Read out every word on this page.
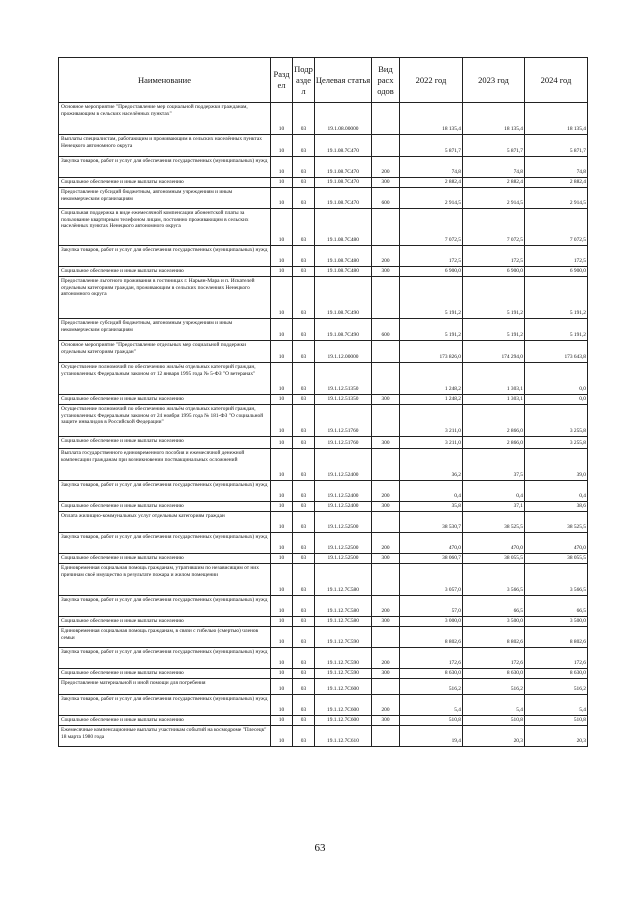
Наименование	Разд ел	Подр азде л	Целевая статья	Вид расх одов	2022 год	2023 год	2024 год

Основное мероприятие "Предоставление мер социальной поддержки гражданам, проживающим в сельских населённых пунктах"	10	03	19.1.08.00000		18 135,4	18 135,4	18 135,4

Выплаты специалистам, работающим и проживающим в сельских населённых пунктах Ненецкого автономного округа	10	03	19.1.08.7С470		5 871,7	5 871,7	5 871,7

Закупка товаров, работ и услуг для обеспечения государственных (муниципальных) нужд	10	03	19.1.08.7С470	200	74,8	74,8	74,8

Социальное обеспечение и иные выплаты населению	10	03	19.1.08.7С470	300	2 882,4	2 882,4	2 882,4

Предоставление субсидий бюджетным, автономным учреждениям и иным некоммерческим организациям	10	03	19.1.08.7С470	600	2 914,5	2 914,5	2 914,5

Социальная поддержка в виде ежемесячной компенсации абонентской платы за пользование квартирным телефоном лицам, постоянно проживающим в сельских населённых пунктах Ненецкого автономного округа	10	03	19.1.08.7С480		7 072,5	7 072,5	7 072,5

Закупка товаров, работ и услуг для обеспечения государственных (муниципальных) нужд	10	03	19.1.08.7С480	200	172,5	172,5	172,5

Социальное обеспечение и иные выплаты населению	10	03	19.1.08.7С480	300	6 900,0	6 900,0	6 900,0

Предоставление льготного проживания в гостиницах г. Нарьян-Мара и п. Искателей отдельным категориям граждан, проживающим в сельских поселениях Ненецкого автономного округа	10	03	19.1.08.7С490		5 191,2	5 191,2	5 191,2

Предоставление субсидий бюджетным, автономным учреждениям и иным некоммерческим организациям	10	03	19.1.08.7С490	600	5 191,2	5 191,2	5 191,2

Основное мероприятие "Предоставление отдельных мер социальной поддержки отдельным категориям граждан"	10	03	19.1.12.00000		173 826,0	174 294,0	173 643,8

Осуществление полномочий по обеспечению жильём отдельных категорий граждан, установленных Федеральным законом от 12 января 1995 года № 5-ФЗ "О ветеранах"	10	03	19.1.12.51350		1 248,2	1 303,1	0,0

Социальное обеспечение и иные выплаты населению	10	03	19.1.12.51350	300	1 248,2	1 303,1	0,0

Осуществление полномочий по обеспечению жильём отдельных категорий граждан, установленных Федеральным законом от 24 ноября 1995 года № 181-ФЗ "О социальной защите инвалидов в Российской Федерации"	10	03	19.1.12.51760		3 211,0	2 866,0	3 255,8

Социальное обеспечение и иные выплаты населению	10	03	19.1.12.51760	300	3 211,0	2 866,0	3 255,8

Выплата государственного единовременного пособия и ежемесячной денежной компенсации гражданам при возникновении поствакцинальных осложнений	10	03	19.1.12.52400		36,2	37,5	39,0

Закупка товаров, работ и услуг для обеспечения государственных (муниципальных) нужд	10	03	19.1.12.52400	200	0,4	0,4	0,4

Социальное обеспечение и иные выплаты населению	10	03	19.1.12.52400	300	35,8	37,1	38,6

Оплата жилищно-коммунальных услуг отдельным категориям граждан	10	03	19.1.12.52500		38 530,7	38 525,5	38 525,5

Закупка товаров, работ и услуг для обеспечения государственных (муниципальных) нужд	10	03	19.1.12.52500	200	470,0	470,0	470,0

Социальное обеспечение и иные выплаты населению	10	03	19.1.12.52500	300	38 060,7	38 055,5	38 055,5

Единовременная социальная помощь гражданам, утратившим по независящим от них причинам своё имущество в результате пожара и жилом помещении	10	03	19.1.12.7С580		3 057,0	3 566,5	3 566,5

Закупка товаров, работ и услуг для обеспечения государственных (муниципальных) нужд	10	03	19.1.12.7С580	200	57,0	66,5	66,5

Социальное обеспечение и иные выплаты населению	10	03	19.1.12.7С580	300	3 000,0	3 500,0	3 500,0

Единовременная социальная помощь гражданам, в связи с гибелью (смертью) членов семьи	10	03	19.1.12.7С590		8 802,6	8 802,6	8 802,6

Закупка товаров, работ и услуг для обеспечения государственных (муниципальных) нужд	10	03	19.1.12.7С590	200	172,6	172,6	172,6

Социальное обеспечение и иные выплаты населению	10	03	19.1.12.7С590	300	8 630,0	8 630,0	8 630,0

Предоставление материальной и иной помощи для погребения	10	03	19.1.12.7С600		516,2	516,2	516,2

Закупка товаров, работ и услуг для обеспечения государственных (муниципальных) нужд	10	03	19.1.12.7С600	200	5,4	5,4	5,4

Социальное обеспечение и иные выплаты населению	10	03	19.1.12.7С600	300	510,8	510,8	510,8

Ежемесячные компенсационные выплаты участникам событий на космодроме "Плесецк" 18 марта 1980 года	10	03	19.1.12.7С610		19,4	20,3	20,3
63
